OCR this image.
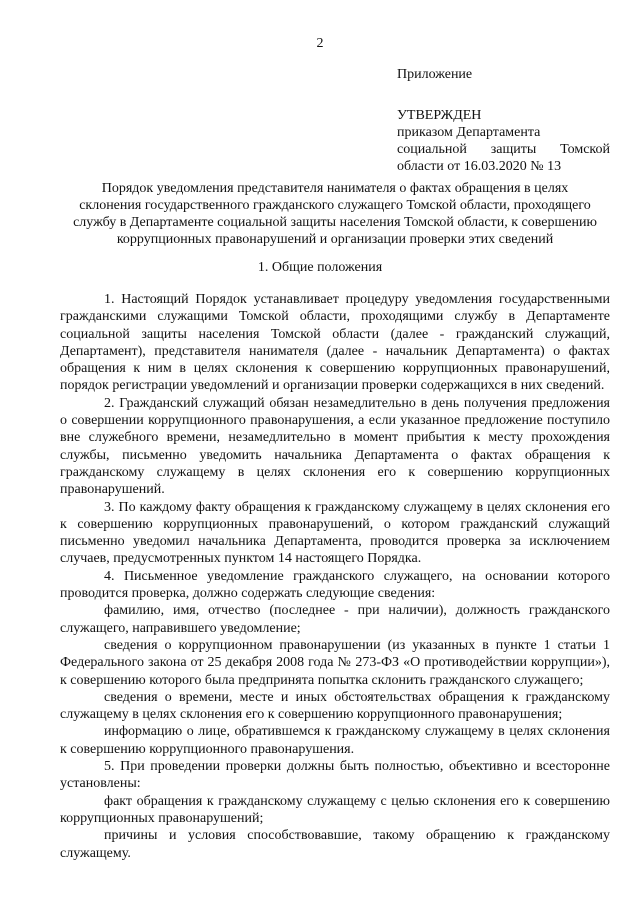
2

Приложение

УТВЕРЖДЕН

приказом Департамента

социальной защиты Томской

области от 16.03.2020 № 13

Порядок уведомления представителя нанимателя о фактах обращения в целях
склонения государственного гражданского служащего Томской области, проходящего
службу в Департаменте социальной защиты населения Томской области, к совершению
коррупционных правонарушений и организации проверки этих сведений
1. Общие положения

1. Настоящий Порядок устанавливает процедуру уведомления государственными гражданскими служащими Томской области, проходящими службу в Департаменте социальной защиты населения Томской области (далее - гражданский служащий, Департамент), представителя нанимателя (далее - начальник Департамента) о фактах обращения к ним в целях склонения к совершению коррупционных правонарушений, порядок регистрации уведомлений и организации проверки содержащихся в них сведений.

2. Гражданский служащий обязан незамедлительно в день получения предложения о совершении коррупционного правонарушения, а если указанное предложение поступило вне служебного времени, незамедлительно в момент прибытия к месту прохождения службы, письменно уведомить начальника Департамента о фактах обращения к гражданскому служащему в целях склонения его к совершению коррупционных правонарушений.

3. По каждому факту обращения к гражданскому служащему в целях склонения его к совершению коррупционных правонарушений, о котором гражданский служащий письменно уведомил начальника Департамента, проводится проверка за исключением случаев, предусмотренных пунктом 14 настоящего Порядка.

4. Письменное уведомление гражданского служащего, на основании которого проводится проверка, должно содержать следующие сведения:

фамилию, имя, отчество (последнее - при наличии), должность гражданского служащего, направившего уведомление;

сведения о коррупционном правонарушении (из указанных в пункте 1 статьи 1 Федерального закона от 25 декабря 2008 года № 273-ФЗ «О противодействии коррупции»), к совершению которого была предпринята попытка склонить гражданского служащего;

сведения о времени, месте и иных обстоятельствах обращения к гражданскому служащему в целях склонения его к совершению коррупционного правонарушения;

информацию о лице, обратившемся к гражданскому служащему в целях склонения к совершению коррупционного правонарушения.

5. При проведении проверки должны быть полностью, объективно и всесторонне установлены:

факт обращения к гражданскому служащему с целью склонения его к совершению коррупционных правонарушений;

причины и условия способствовавшие, такому обращению к гражданскому служащему.
